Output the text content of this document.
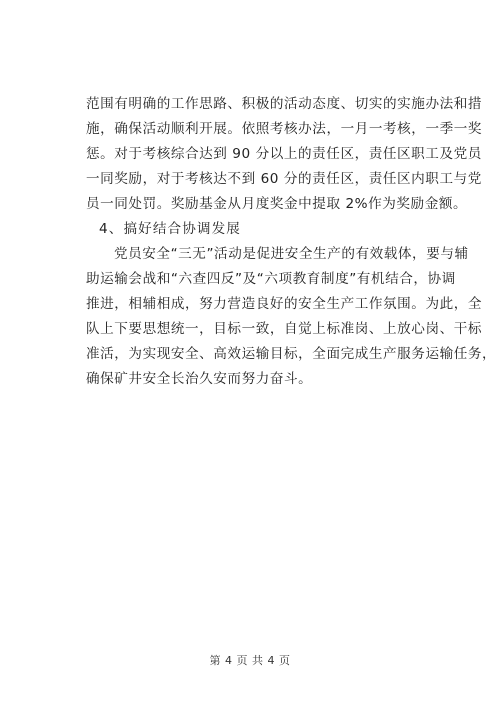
范围有明确的工作思路、积极的活动态度、切实的实施办法和措
施，确保活动顺利开展。依照考核办法，一月一考核，一季一奖
惩。对于考核综合达到 90 分以上的责任区，责任区职工及党员
一同奖励，对于考核达不到 60 分的责任区，责任区内职工与党
员一同处罚。奖励基金从月度奖金中提取 2%作为奖励金额。
4、搞好结合协调发展
党员安全“三无”活动是促进安全生产的有效载体，要与辅
助运输会战和“六查四反”及“六项教育制度”有机结合，协调
推进，相辅相成，努力营造良好的安全生产工作氛围。为此，全
队上下要思想统一，目标一致，自觉上标准岗、上放心岗、干标
准活，为实现安全、高效运输目标，全面完成生产服务运输任务，
确保矿井安全长治久安而努力奋斗。
第 4 页 共 4 页
